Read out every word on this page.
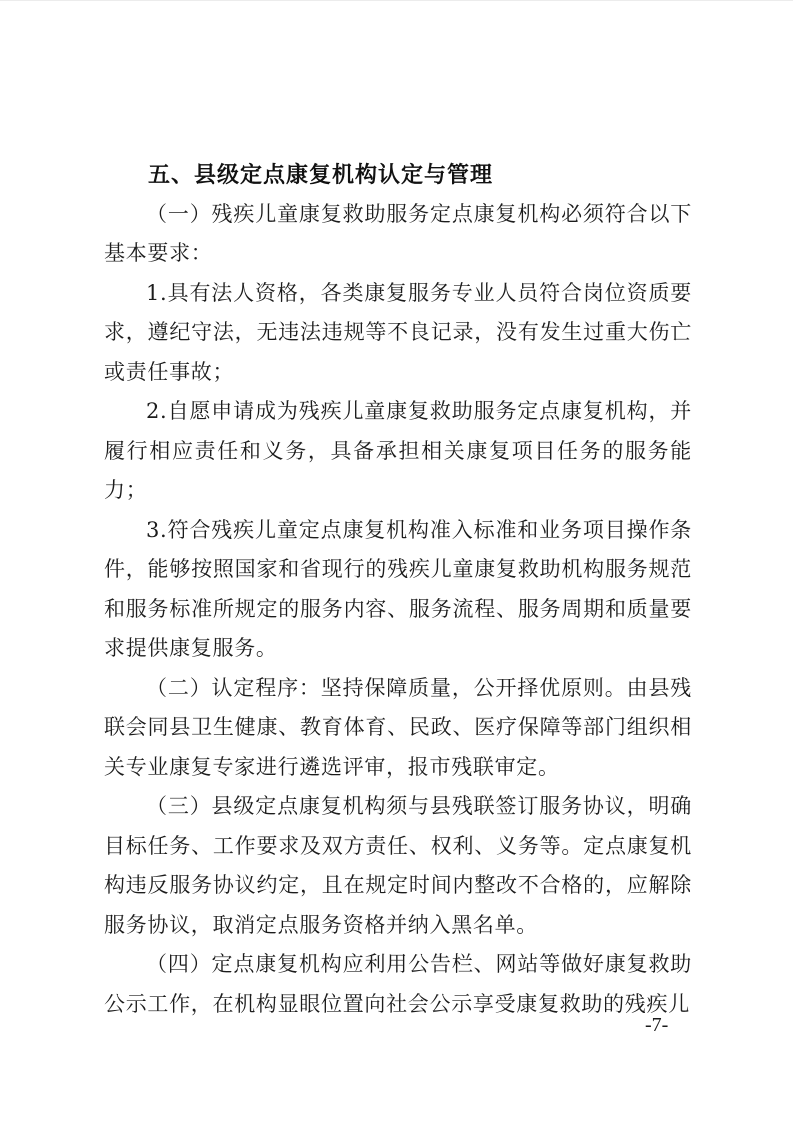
五、县级定点康复机构认定与管理

（一）残疾儿童康复救助服务定点康复机构必须符合以下基本要求：

1.具有法人资格，各类康复服务专业人员符合岗位资质要求，遵纪守法，无违法违规等不良记录，没有发生过重大伤亡或责任事故；

2.自愿申请成为残疾儿童康复救助服务定点康复机构，并履行相应责任和义务，具备承担相关康复项目任务的服务能力；

3.符合残疾儿童定点康复机构准入标准和业务项目操作条件，能够按照国家和省现行的残疾儿童康复救助机构服务规范和服务标准所规定的服务内容、服务流程、服务周期和质量要求提供康复服务。

（二）认定程序：坚持保障质量，公开择优原则。由县残联会同县卫生健康、教育体育、民政、医疗保障等部门组织相关专业康复专家进行遴选评审，报市残联审定。

（三）县级定点康复机构须与县残联签订服务协议，明确目标任务、工作要求及双方责任、权利、义务等。定点康复机构违反服务协议约定，且在规定时间内整改不合格的，应解除服务协议，取消定点服务资格并纳入黑名单。

（四）定点康复机构应利用公告栏、网站等做好康复救助公示工作，在机构显眼位置向社会公示享受康复救助的残疾儿

-7-
